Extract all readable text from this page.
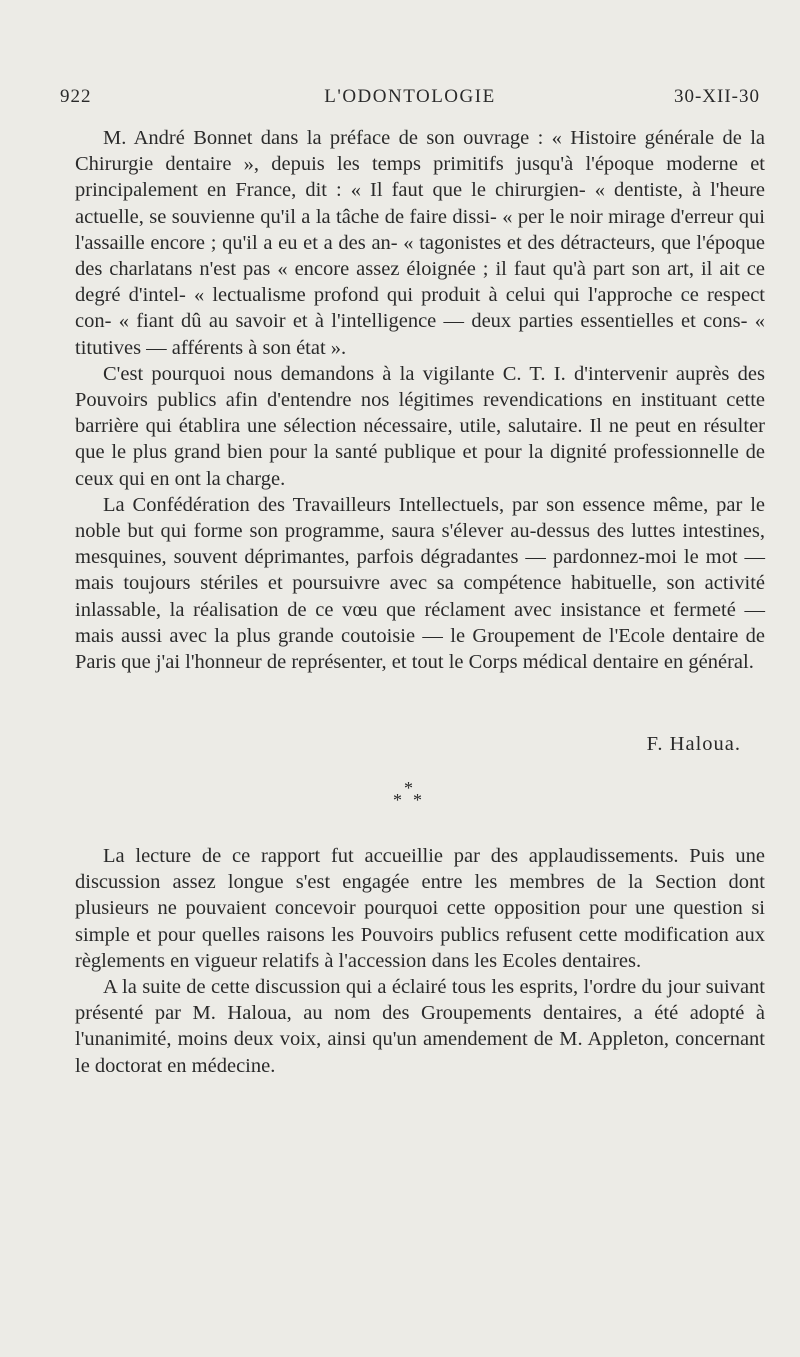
922	L'ODONTOLOGIE	30-XII-30

M. André Bonnet dans la préface de son ouvrage : « Histoire générale de la Chirurgie dentaire », depuis les temps primitifs jusqu'à l'époque moderne et principalement en France, dit : « Il faut que le chirurgien- « dentiste, à l'heure actuelle, se souvienne qu'il a la tâche de faire dissi- « per le noir mirage d'erreur qui l'assaille encore ; qu'il a eu et a des an- « tagonistes et des détracteurs, que l'époque des charlatans n'est pas « encore assez éloignée ; il faut qu'à part son art, il ait ce degré d'intel- « lectualisme profond qui produit à celui qui l'approche ce respect con- « fiant dû au savoir et à l'intelligence — deux parties essentielles et cons- « titutives — afférents à son état ».

C'est pourquoi nous demandons à la vigilante C. T. I. d'intervenir auprès des Pouvoirs publics afin d'entendre nos légitimes revendications en instituant cette barrière qui établira une sélection nécessaire, utile, salutaire. Il ne peut en résulter que le plus grand bien pour la santé publique et pour la dignité professionnelle de ceux qui en ont la charge.

La Confédération des Travailleurs Intellectuels, par son essence même, par le noble but qui forme son programme, saura s'élever au-dessus des luttes intestines, mesquines, souvent déprimantes, parfois dégradantes — pardonnez-moi le mot — mais toujours stériles et poursuivre avec sa compétence habituelle, son activité inlassable, la réalisation de ce vœu que réclament avec insistance et fermeté — mais aussi avec la plus grande coutoisie — le Groupement de l'Ecole dentaire de Paris que j'ai l'honneur de représenter, et tout le Corps médical dentaire en général.

F. Haloua.
*
* *

La lecture de ce rapport fut accueillie par des applaudissements. Puis une discussion assez longue s'est engagée entre les membres de la Section dont plusieurs ne pouvaient concevoir pourquoi cette opposition pour une question si simple et pour quelles raisons les Pouvoirs publics refusent cette modification aux règlements en vigueur relatifs à l'accession dans les Ecoles dentaires.

A la suite de cette discussion qui a éclairé tous les esprits, l'ordre du jour suivant présenté par M. Haloua, au nom des Groupements dentaires, a été adopté à l'unanimité, moins deux voix, ainsi qu'un amendement de M. Appleton, concernant le doctorat en médecine.
